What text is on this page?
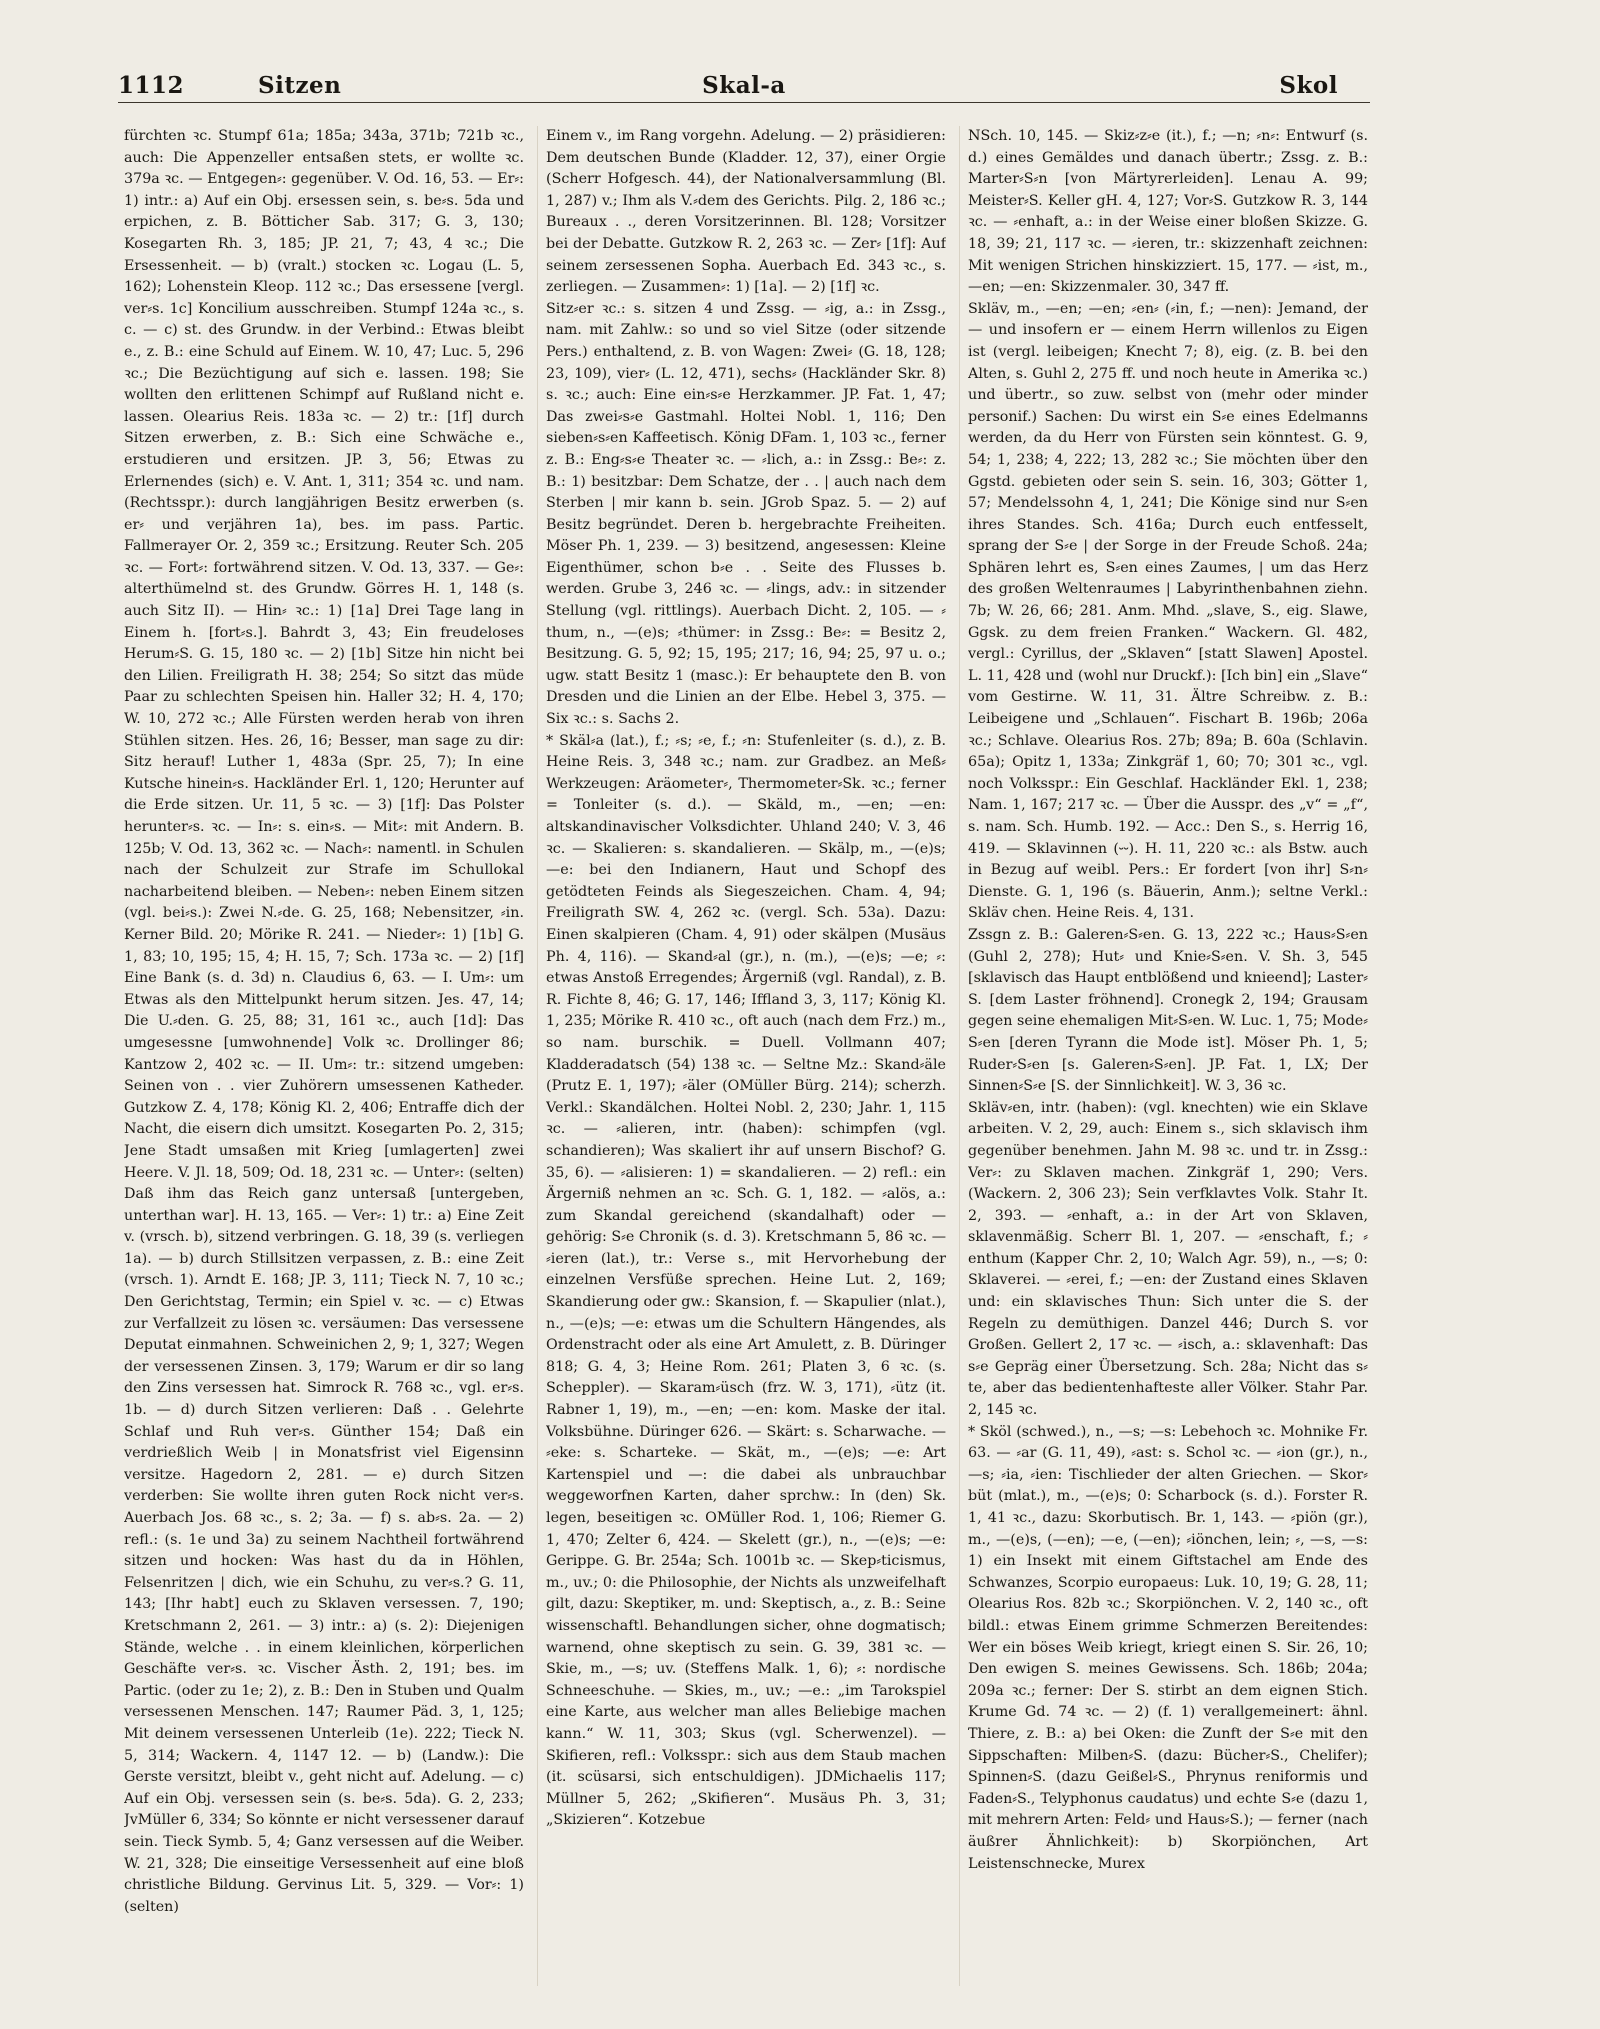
1112	Sitzen	Skal-a	Skol

fürchten ꝛc. Stumpf 61a; 185a; 343a, 371b; 721b ꝛc., auch: Die Appenzeller entsaßen stets, er wollte ꝛc. 379a ꝛc. — Entgegen⸗: gegenüber. V. Od. 16, 53. — Er⸗: 1) intr.: a) Auf ein Obj. ersessen sein, s. be⸗s. 5da und erpichen, z. B. Bötticher Sab. 317; G. 3, 130; Kosegarten Rh. 3, 185; JP. 21, 7; 43, 4 ꝛc.; Die Ersessenheit. — b) (vralt.) stocken ꝛc. Logau (L. 5, 162); Lohenstein Kleop. 112 ꝛc.; Das ersessene [vergl. ver⸗s. 1c] Koncilium ausschreiben. Stumpf 124a ꝛc., s. c. — c) st. des Grundw. in der Verbind.: Etwas bleibt e., z. B.: eine Schuld auf Einem. W. 10, 47; Luc. 5, 296 ꝛc.; Die Bezüchtigung auf sich e. lassen. 198; Sie wollten den erlittenen Schimpf auf Rußland nicht e. lassen. Olearius Reis. 183a ꝛc. — 2) tr.: [1f] durch Sitzen erwerben, z. B.: Sich eine Schwäche e., erstudieren und ersitzen. JP. 3, 56; Etwas zu Erlernendes (sich) e. V. Ant. 1, 311; 354 ꝛc. und nam. (Rechtsspr.): durch langjährigen Besitz erwerben (s. er⸗ und verjähren 1a), bes. im pass. Partic. Fallmerayer Or. 2, 359 ꝛc.; Ersitzung. Reuter Sch. 205 ꝛc. — Fort⸗: fortwährend sitzen. V. Od. 13, 337. — Ge⸗: alterthümelnd st. des Grundw. Görres H. 1, 148 (s. auch Sitz II). — Hin⸗ ꝛc.: 1) [1a] Drei Tage lang in Einem h. [fort⸗s.]. Bahrdt 3, 43; Ein freudeloses Herum⸗S. G. 15, 180 ꝛc. — 2) [1b] Sitze hin nicht bei den Lilien. Freiligrath H. 38; 254; So sitzt das müde Paar zu schlechten Speisen hin. Haller 32; H. 4, 170; W. 10, 272 ꝛc.; Alle Fürsten werden herab von ihren Stühlen sitzen. Hes. 26, 16; Besser, man sage zu dir: Sitz herauf! Luther 1, 483a (Spr. 25, 7); In eine Kutsche hinein⸗s. Hackländer Erl. 1, 120; Herunter auf die Erde sitzen. Ur. 11, 5 ꝛc. — 3) [1f]: Das Polster herunter⸗s. ꝛc. — In⸗: s. ein⸗s. — Mit⸗: mit Andern. B. 125b; V. Od. 13, 362 ꝛc. — Nach⸗: namentl. in Schulen nach der Schulzeit zur Strafe im Schullokal nacharbeitend bleiben. — Neben⸗: neben Einem sitzen (vgl. bei⸗s.): Zwei N.⸗de. G. 25, 168; Nebensitzer, ⸗in. Kerner Bild. 20; Mörike R. 241. — Nieder⸗: 1) [1b] G. 1, 83; 10, 195; 15, 4; H. 15, 7; Sch. 173a ꝛc. — 2) [1f] Eine Bank (s. d. 3d) n. Claudius 6, 63. — I. Um⸗: um Etwas als den Mittelpunkt herum sitzen. Jes. 47, 14; Die U.⸗den. G. 25, 88; 31, 161 ꝛc., auch [1d]: Das umgesessne [umwohnende] Volk ꝛc. Drollinger 86; Kantzow 2, 402 ꝛc. — II. Um⸗: tr.: sitzend umgeben: Seinen von . . vier Zuhörern umsessenen Katheder. Gutzkow Z. 4, 178; König Kl. 2, 406; Entraffe dich der Nacht, die eisern dich umsitzt. Kosegarten Po. 2, 315; Jene Stadt umsaßen mit Krieg [umlagerten] zwei Heere. V. Jl. 18, 509; Od. 18, 231 ꝛc. — Unter⸗: (selten) Daß ihm das Reich ganz untersaß [untergeben, unterthan war]. H. 13, 165. — Ver⸗: 1) tr.: a) Eine Zeit v. (vrsch. b), sitzend verbringen. G. 18, 39 (s. verliegen 1a). — b) durch Stillsitzen verpassen, z. B.: eine Zeit (vrsch. 1). Arndt E. 168; JP. 3, 111; Tieck N. 7, 10 ꝛc.; Den Gerichtstag, Termin; ein Spiel v. ꝛc. — c) Etwas zur Verfallzeit zu lösen ꝛc. versäumen: Das versessene Deputat einmahnen. Schweinichen 2, 9; 1, 327; Wegen der versessenen Zinsen. 3, 179; Warum er dir so lang den Zins versessen hat. Simrock R. 768 ꝛc., vgl. er⸗s. 1b. — d) durch Sitzen verlieren: Daß . . Gelehrte Schlaf und Ruh ver⸗s. Günther 154; Daß ein verdrießlich Weib | in Monatsfrist viel Eigensinn versitze. Hagedorn 2, 281. — e) durch Sitzen verderben: Sie wollte ihren guten Rock nicht ver⸗s. Auerbach Jos. 68 ꝛc., s. 2; 3a. — f) s. ab⸗s. 2a. — 2) refl.: (s. 1e und 3a) zu seinem Nachtheil fortwährend sitzen und hocken: Was hast du da in Höhlen, Felsenritzen | dich, wie ein Schuhu, zu ver⸗s.? G. 11, 143; [Ihr habt] euch zu Sklaven versessen. 7, 190; Kretschmann 2, 261. — 3) intr.: a) (s. 2): Diejenigen Stände, welche . . in einem kleinlichen, körperlichen Geschäfte ver⸗s. ꝛc. Vischer Ästh. 2, 191; bes. im Partic. (oder zu 1e; 2), z. B.: Den in Stuben und Qualm versessenen Menschen. 147; Raumer Päd. 3, 1, 125; Mit deinem versessenen Unterleib (1e). 222; Tieck N. 5, 314; Wackern. 4, 1147 12. — b) (Landw.): Die Gerste versitzt, bleibt v., geht nicht auf. Adelung. — c) Auf ein Obj. versessen sein (s. be⸗s. 5da). G. 2, 233; JvMüller 6, 334; So könnte er nicht versessener darauf sein. Tieck Symb. 5, 4; Ganz versessen auf die Weiber. W. 21, 328; Die einseitige Versessenheit auf eine bloß christliche Bildung. Gervinus Lit. 5, 329. — Vor⸗: 1) (selten)

Einem v., im Rang vorgehn. Adelung. — 2) präsidieren: Dem deutschen Bunde (Kladder. 12, 37), einer Orgie (Scherr Hofgesch. 44), der Nationalversammlung (Bl. 1, 287) v.; Ihm als V.⸗dem des Gerichts. Pilg. 2, 186 ꝛc.; Bureaux . ., deren Vorsitzerinnen. Bl. 128; Vorsitzer bei der Debatte. Gutzkow R. 2, 263 ꝛc. — Zer⸗ [1f]: Auf seinem zersessenen Sopha. Auerbach Ed. 343 ꝛc., s. zerliegen. — Zusammen⸗: 1) [1a]. — 2) [1f] ꝛc.

Sitz⸗er ꝛc.: s. sitzen 4 und Zssg. — ⸗ig, a.: in Zssg., nam. mit Zahlw.: so und so viel Sitze (oder sitzende Pers.) enthaltend, z. B. von Wagen: Zwei⸗ (G. 18, 128; 23, 109), vier⸗ (L. 12, 471), sechs⸗ (Hackländer Skr. 8) s. ꝛc.; auch: Eine ein⸗s⸗e Herzkammer. JP. Fat. 1, 47; Das zwei⸗s⸗e Gastmahl. Holtei Nobl. 1, 116; Den sieben⸗s⸗en Kaffeetisch. König DFam. 1, 103 ꝛc., ferner z. B.: Eng⸗s⸗e Theater ꝛc. — ⸗lich, a.: in Zssg.: Be⸗: z. B.: 1) besitzbar: Dem Schatze, der . . | auch nach dem Sterben | mir kann b. sein. JGrob Spaz. 5. — 2) auf Besitz begründet. Deren b. hergebrachte Freiheiten. Möser Ph. 1, 239. — 3) besitzend, angesessen: Kleine Eigenthümer, schon b⸗e . . Seite des Flusses b. werden. Grube 3, 246 ꝛc. — ⸗lings, adv.: in sitzender Stellung (vgl. rittlings). Auerbach Dicht. 2, 105. — ⸗thum, n., —(e)s; ⸗thümer: in Zssg.: Be⸗: = Besitz 2, Besitzung. G. 5, 92; 15, 195; 217; 16, 94; 25, 97 u. o.; ugw. statt Besitz 1 (masc.): Er behauptete den B. von Dresden und die Linien an der Elbe. Hebel 3, 375. — Six ꝛc.: s. Sachs 2.

* Skäl⸗a (lat.), f.; ⸗s; ⸗e, f.; ⸗n: Stufenleiter (s. d.), z. B. Heine Reis. 3, 348 ꝛc.; nam. zur Gradbez. an Meß⸗Werkzeugen: Aräometer⸗, Thermometer⸗Sk. ꝛc.; ferner = Tonleiter (s. d.). — Skäld, m., —en; —en: altskandinavischer Volksdichter. Uhland 240; V. 3, 46 ꝛc. — Skalieren: s. skandalieren. — Skälp, m., —(e)s; —e: bei den Indianern, Haut und Schopf des getödteten Feinds als Siegeszeichen. Cham. 4, 94; Freiligrath SW. 4, 262 ꝛc. (vergl. Sch. 53a). Dazu: Einen skalpieren (Cham. 4, 91) oder skälpen (Musäus Ph. 4, 116). — Skand⸗al (gr.), n. (m.), —(e)s; —e; ⸗: etwas Anstoß Erregendes; Ärgerniß (vgl. Randal), z. B. R. Fichte 8, 46; G. 17, 146; Iffland 3, 3, 117; König Kl. 1, 235; Mörike R. 410 ꝛc., oft auch (nach dem Frz.) m., so nam. burschik. = Duell. Vollmann 407; Kladderadatsch (54) 138 ꝛc. — Seltne Mz.: Skand⸗äle (Prutz E. 1, 197); ⸗äler (OMüller Bürg. 214); scherzh. Verkl.: Skandälchen. Holtei Nobl. 2, 230; Jahr. 1, 115 ꝛc. — ⸗alieren, intr. (haben): schimpfen (vgl. schandieren); Was skaliert ihr auf unsern Bischof? G. 35, 6). — ⸗alisieren: 1) = skandalieren. — 2) refl.: ein Ärgerniß nehmen an ꝛc. Sch. G. 1, 182. — ⸗alös, a.: zum Skandal gereichend (skandalhaft) oder — gehörig: S⸗e Chronik (s. d. 3). Kretschmann 5, 86 ꝛc. — ⸗ieren (lat.), tr.: Verse s., mit Hervorhebung der einzelnen Versfüße sprechen. Heine Lut. 2, 169; Skandierung oder gw.: Skansion, f. — Skapulier (nlat.), n., —(e)s; —e: etwas um die Schultern Hängendes, als Ordenstracht oder als eine Art Amulett, z. B. Düringer 818; G. 4, 3; Heine Rom. 261; Platen 3, 6 ꝛc. (s. Scheppler). — Skaram⸗üsch (frz. W. 3, 171), ⸗ütz (it. Rabner 1, 19), m., —en; —en: kom. Maske der ital. Volksbühne. Düringer 626. — Skärt: s. Scharwache. — ⸗eke: s. Scharteke. — Skät, m., —(e)s; —e: Art Kartenspiel und —: die dabei als unbrauchbar weggeworfnen Karten, daher sprchw.: In (den) Sk. legen, beseitigen ꝛc. OMüller Rod. 1, 106; Riemer G. 1, 470; Zelter 6, 424. — Skelett (gr.), n., —(e)s; —e: Gerippe. G. Br. 254a; Sch. 1001b ꝛc. — Skep⸗ticismus, m., uv.; 0: die Philosophie, der Nichts als unzweifelhaft gilt, dazu: Skeptiker, m. und: Skeptisch, a., z. B.: Seine wissenschaftl. Behandlungen sicher, ohne dogmatisch; warnend, ohne skeptisch zu sein. G. 39, 381 ꝛc. — Skie, m., —s; uv. (Steffens Malk. 1, 6); ⸗: nordische Schneeschuhe. — Skies, m., uv.; —e.: „im Tarokspiel eine Karte, aus welcher man alles Beliebige machen kann.“ W. 11, 303; Skus (vgl. Scherwenzel). — Skifieren, refl.: Volksspr.: sich aus dem Staub machen (it. scüsarsi, sich entschuldigen). JDMichaelis 117; Müllner 5, 262; „Skifieren“. Musäus Ph. 3, 31; „Skizieren“. Kotzebue

NSch. 10, 145. — Skiz⸗z⸗e (it.), f.; —n; ⸗n⸗: Entwurf (s. d.) eines Gemäldes und danach übertr.; Zssg. z. B.: Marter⸗S⸗n [von Märtyrerleiden]. Lenau A. 99; Meister⸗S. Keller gH. 4, 127; Vor⸗S. Gutzkow R. 3, 144 ꝛc. — ⸗enhaft, a.: in der Weise einer bloßen Skizze. G. 18, 39; 21, 117 ꝛc. — ⸗ieren, tr.: skizzenhaft zeichnen: Mit wenigen Strichen hinskizziert. 15, 177. — ⸗ist, m., —en; —en: Skizzenmaler. 30, 347 ff.

Skläv, m., —en; —en; ⸗en⸗ (⸗in, f.; —nen): Jemand, der — und insofern er — einem Herrn willenlos zu Eigen ist (vergl. leibeigen; Knecht 7; 8), eig. (z. B. bei den Alten, s. Guhl 2, 275 ff. und noch heute in Amerika ꝛc.) und übertr., so zuw. selbst von (mehr oder minder personif.) Sachen: Du wirst ein S⸗e eines Edelmanns werden, da du Herr von Fürsten sein könntest. G. 9, 54; 1, 238; 4, 222; 13, 282 ꝛc.; Sie möchten über den Ggstd. gebieten oder sein S. sein. 16, 303; Götter 1, 57; Mendelssohn 4, 1, 241; Die Könige sind nur S⸗en ihres Standes. Sch. 416a; Durch euch entfesselt, sprang der S⸗e | der Sorge in der Freude Schoß. 24a; Sphären lehrt es, S⸗en eines Zaumes, | um das Herz des großen Weltenraumes | Labyrinthenbahnen ziehn. 7b; W. 26, 66; 281. Anm. Mhd. „slave, S., eig. Slawe, Ggsk. zu dem freien Franken.“ Wackern. Gl. 482, vergl.: Cyrillus, der „Sklaven“ [statt Slawen] Apostel. L. 11, 428 und (wohl nur Druckf.): [Ich bin] ein „Slave“ vom Gestirne. W. 11, 31. Ältre Schreibw. z. B.: Leibeigene und „Schlauen“. Fischart B. 196b; 206a ꝛc.; Schlave. Olearius Ros. 27b; 89a; B. 60a (Schlavin. 65a); Opitz 1, 133a; Zinkgräf 1, 60; 70; 301 ꝛc., vgl. noch Volksspr.: Ein Geschlaf. Hackländer Ekl. 1, 238; Nam. 1, 167; 217 ꝛc. — Über die Ausspr. des „v“ = „f“, s. nam. Sch. Humb. 192. — Acc.: Den S., s. Herrig 16, 419. — Sklavinnen (⏑⏑). H. 11, 220 ꝛc.: als Bstw. auch in Bezug auf weibl. Pers.: Er fordert [von ihr] S⸗n⸗Dienste. G. 1, 196 (s. Bäuerin, Anm.); seltne Verkl.: Skläv chen. Heine Reis. 4, 131.

Zssgn z. B.: Galeren⸗S⸗en. G. 13, 222 ꝛc.; Haus⸗S⸗en (Guhl 2, 278); Hut⸗ und Knie⸗S⸗en. V. Sh. 3, 545 [sklavisch das Haupt entblößend und knieend]; Laster⸗S. [dem Laster fröhnend]. Cronegk 2, 194; Grausam gegen seine ehemaligen Mit⸗S⸗en. W. Luc. 1, 75; Mode⸗S⸗en [deren Tyrann die Mode ist]. Möser Ph. 1, 5; Ruder⸗S⸗en [s. Galeren⸗S⸗en]. JP. Fat. 1, LX; Der Sinnen⸗S⸗e [S. der Sinnlichkeit]. W. 3, 36 ꝛc.

Skläv⸗en, intr. (haben): (vgl. knechten) wie ein Sklave arbeiten. V. 2, 29, auch: Einem s., sich sklavisch ihm gegenüber benehmen. Jahn M. 98 ꝛc. und tr. in Zssg.: Ver⸗: zu Sklaven machen. Zinkgräf 1, 290; Vers. (Wackern. 2, 306 23); Sein verfklavtes Volk. Stahr It. 2, 393. — ⸗enhaft, a.: in der Art von Sklaven, sklavenmäßig. Scherr Bl. 1, 207. — ⸗enschaft, f.; ⸗enthum (Kapper Chr. 2, 10; Walch Agr. 59), n., —s; 0: Sklaverei. — ⸗erei, f.; —en: der Zustand eines Sklaven und: ein sklavisches Thun: Sich unter die S. der Regeln zu demüthigen. Danzel 446; Durch S. vor Großen. Gellert 2, 17 ꝛc. — ⸗isch, a.: sklavenhaft: Das s⸗e Gepräg einer Übersetzung. Sch. 28a; Nicht das s⸗te, aber das bedientenhafteste aller Völker. Stahr Par. 2, 145 ꝛc.

* Sköl (schwed.), n., —s; —s: Lebehoch ꝛc. Mohnike Fr. 63. — ⸗ar (G. 11, 49), ⸗ast: s. Schol ꝛc. — ⸗ion (gr.), n., —s; ⸗ia, ⸗ien: Tischlieder der alten Griechen. — Skor⸗büt (mlat.), m., —(e)s; 0: Scharbock (s. d.). Forster R. 1, 41 ꝛc., dazu: Skorbutisch. Br. 1, 143. — ⸗piön (gr.), m., —(e)s, (—en); —e, (—en); ⸗iönchen, lein; ⸗, —s, —s: 1) ein Insekt mit einem Giftstachel am Ende des Schwanzes, Scorpio europaeus: Luk. 10, 19; G. 28, 11; Olearius Ros. 82b ꝛc.; Skorpiönchen. V. 2, 140 ꝛc., oft bildl.: etwas Einem grimme Schmerzen Bereitendes: Wer ein böses Weib kriegt, kriegt einen S. Sir. 26, 10; Den ewigen S. meines Gewissens. Sch. 186b; 204a; 209a ꝛc.; ferner: Der S. stirbt an dem eignen Stich. Krume Gd. 74 ꝛc. — 2) (f. 1) verallgemeinert: ähnl. Thiere, z. B.: a) bei Oken: die Zunft der S⸗e mit den Sippschaften: Milben⸗S. (dazu: Bücher⸗S., Chelifer); Spinnen⸗S. (dazu Geißel⸗S., Phrynus reniformis und Faden⸗S., Telyphonus caudatus) und echte S⸗e (dazu 1, mit mehrern Arten: Feld⸗ und Haus⸗S.); — ferner (nach äußrer Ähnlichkeit): b) Skorpiönchen, Art Leistenschnecke, Murex
